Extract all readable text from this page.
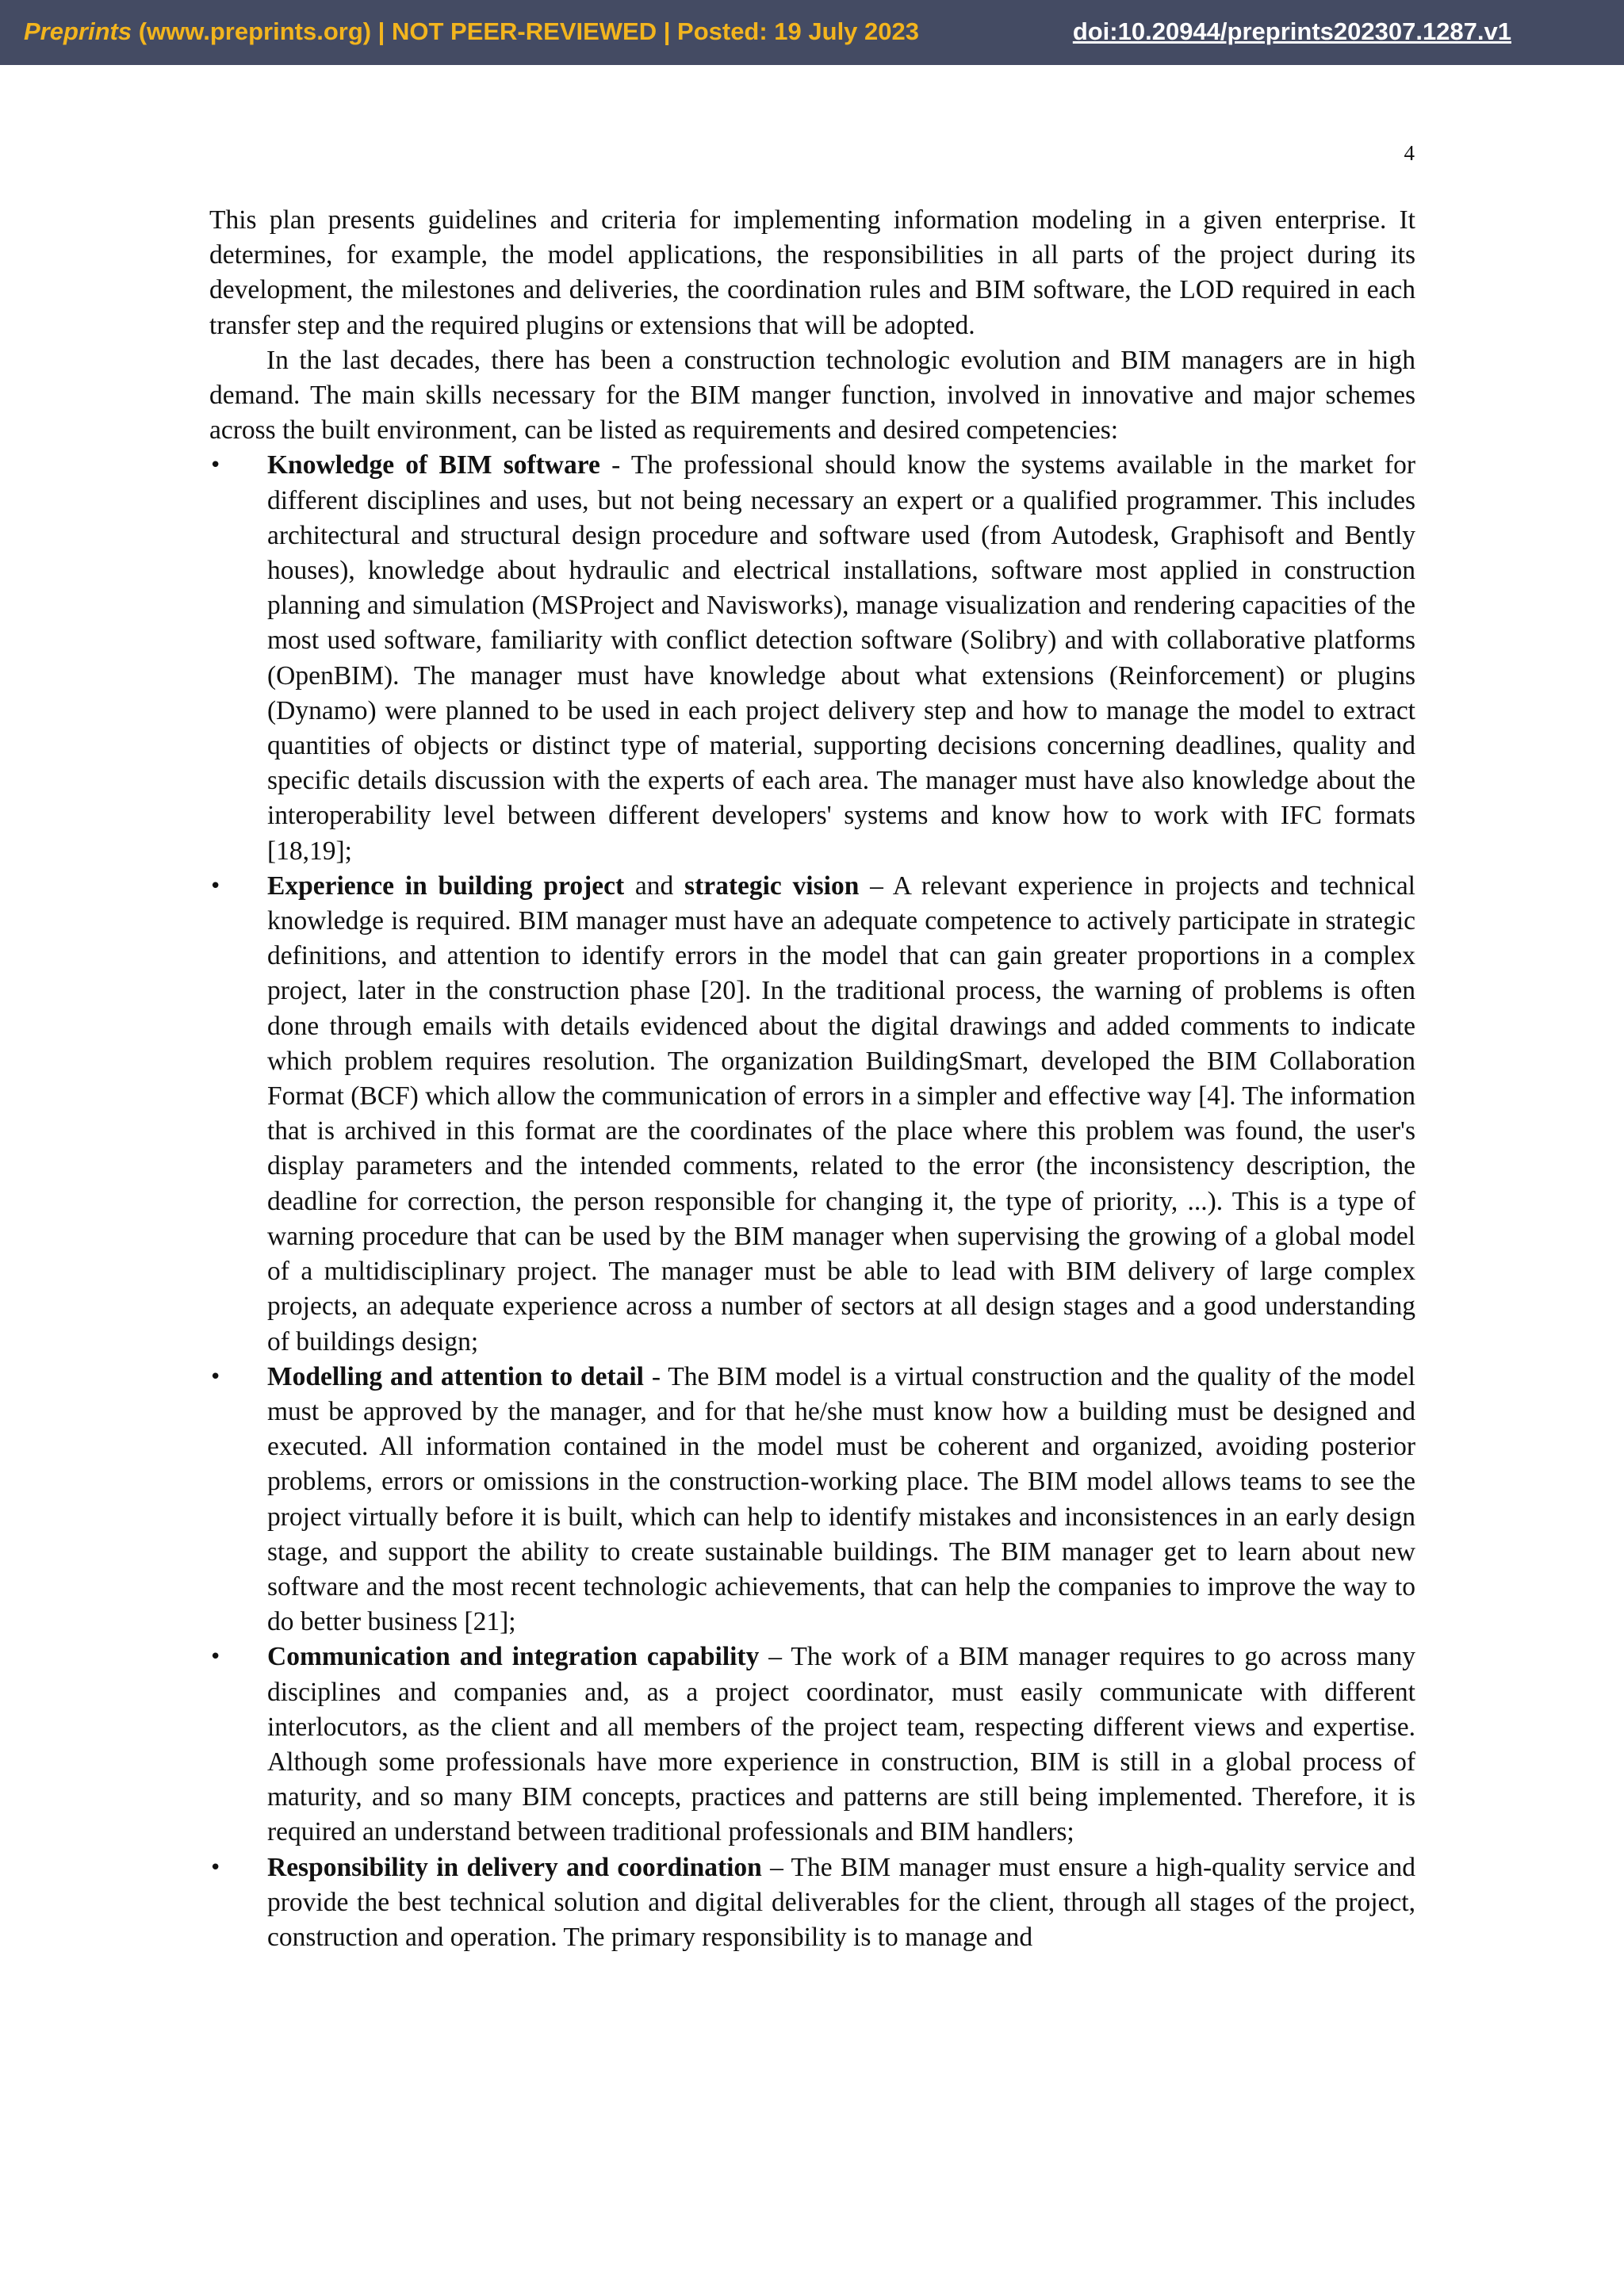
Preprints (www.preprints.org) | NOT PEER-REVIEWED | Posted: 19 July 2023	doi:10.20944/preprints202307.1287.v1
4

This plan presents guidelines and criteria for implementing information modeling in a given enterprise. It determines, for example, the model applications, the responsibilities in all parts of the project during its development, the milestones and deliveries, the coordination rules and BIM software, the LOD required in each transfer step and the required plugins or extensions that will be adopted.

In the last decades, there has been a construction technologic evolution and BIM managers are in high demand. The main skills necessary for the BIM manger function, involved in innovative and major schemes across the built environment, can be listed as requirements and desired competencies:

• Knowledge of BIM software - The professional should know the systems available in the market for different disciplines and uses, but not being necessary an expert or a qualified programmer. This includes architectural and structural design procedure and software used (from Autodesk, Graphisoft and Bently houses), knowledge about hydraulic and electrical installations, software most applied in construction planning and simulation (MSProject and Navisworks), manage visualization and rendering capacities of the most used software, familiarity with conflict detection software (Solibry) and with collaborative platforms (OpenBIM). The manager must have knowledge about what extensions (Reinforcement) or plugins (Dynamo) were planned to be used in each project delivery step and how to manage the model to extract quantities of objects or distinct type of material, supporting decisions concerning deadlines, quality and specific details discussion with the experts of each area. The manager must have also knowledge about the interoperability level between different developers' systems and know how to work with IFC formats [18,19];
• Experience in building project and strategic vision – A relevant experience in projects and technical knowledge is required. BIM manager must have an adequate competence to actively participate in strategic definitions, and attention to identify errors in the model that can gain greater proportions in a complex project, later in the construction phase [20]. In the traditional process, the warning of problems is often done through emails with details evidenced about the digital drawings and added comments to indicate which problem requires resolution. The organization BuildingSmart, developed the BIM Collaboration Format (BCF) which allow the communication of errors in a simpler and effective way [4]. The information that is archived in this format are the coordinates of the place where this problem was found, the user's display parameters and the intended comments, related to the error (the inconsistency description, the deadline for correction, the person responsible for changing it, the type of priority, ...). This is a type of warning procedure that can be used by the BIM manager when supervising the growing of a global model of a multidisciplinary project. The manager must be able to lead with BIM delivery of large complex projects, an adequate experience across a number of sectors at all design stages and a good understanding of buildings design;
• Modelling and attention to detail - The BIM model is a virtual construction and the quality of the model must be approved by the manager, and for that he/she must know how a building must be designed and executed. All information contained in the model must be coherent and organized, avoiding posterior problems, errors or omissions in the construction-working place. The BIM model allows teams to see the project virtually before it is built, which can help to identify mistakes and inconsistences in an early design stage, and support the ability to create sustainable buildings. The BIM manager get to learn about new software and the most recent technologic achievements, that can help the companies to improve the way to do better business [21];
• Communication and integration capability – The work of a BIM manager requires to go across many disciplines and companies and, as a project coordinator, must easily communicate with different interlocutors, as the client and all members of the project team, respecting different views and expertise. Although some professionals have more experience in construction, BIM is still in a global process of maturity, and so many BIM concepts, practices and patterns are still being implemented. Therefore, it is required an understand between traditional professionals and BIM handlers;
• Responsibility in delivery and coordination – The BIM manager must ensure a high-quality service and provide the best technical solution and digital deliverables for the client, through all stages of the project, construction and operation. The primary responsibility is to manage and
